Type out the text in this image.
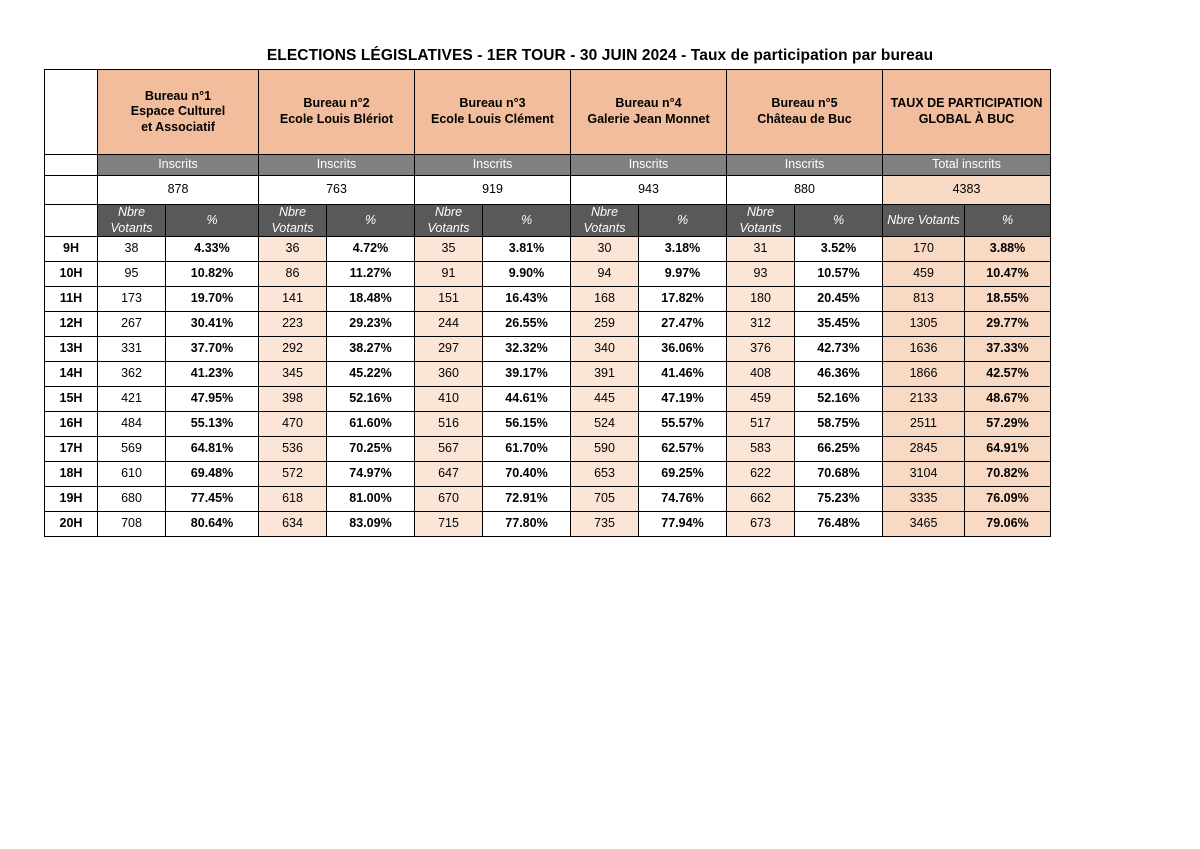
ELECTIONS LÉGISLATIVES - 1ER TOUR - 30 JUIN 2024 - Taux de participation par bureau

	Bureau n°1
Espace Culturel
et Associatif		Bureau n°2
Ecole Louis Blériot		Bureau n°3
Ecole Louis Clément		Bureau n°4
Galerie Jean Monnet		Bureau n°5
Château de Buc		TAUX DE PARTICIPATION GLOBAL À BUC	
	Inscrits		Inscrits		Inscrits		Inscrits		Inscrits		Total inscrits	
	878		763		919		943		880		4383	
	Nbre Votants	%	Nbre Votants	%	Nbre Votants	%	Nbre Votants	%	Nbre Votants	%	Nbre Votants	%
9H	38	4.33%	36	4.72%	35	3.81%	30	3.18%	31	3.52%	170	3.88%
10H	95	10.82%	86	11.27%	91	9.90%	94	9.97%	93	10.57%	459	10.47%
11H	173	19.70%	141	18.48%	151	16.43%	168	17.82%	180	20.45%	813	18.55%
12H	267	30.41%	223	29.23%	244	26.55%	259	27.47%	312	35.45%	1305	29.77%
13H	331	37.70%	292	38.27%	297	32.32%	340	36.06%	376	42.73%	1636	37.33%
14H	362	41.23%	345	45.22%	360	39.17%	391	41.46%	408	46.36%	1866	42.57%
15H	421	47.95%	398	52.16%	410	44.61%	445	47.19%	459	52.16%	2133	48.67%
16H	484	55.13%	470	61.60%	516	56.15%	524	55.57%	517	58.75%	2511	57.29%
17H	569	64.81%	536	70.25%	567	61.70%	590	62.57%	583	66.25%	2845	64.91%
18H	610	69.48%	572	74.97%	647	70.40%	653	69.25%	622	70.68%	3104	70.82%
19H	680	77.45%	618	81.00%	670	72.91%	705	74.76%	662	75.23%	3335	76.09%
20H	708	80.64%	634	83.09%	715	77.80%	735	77.94%	673	76.48%	3465	79.06%
